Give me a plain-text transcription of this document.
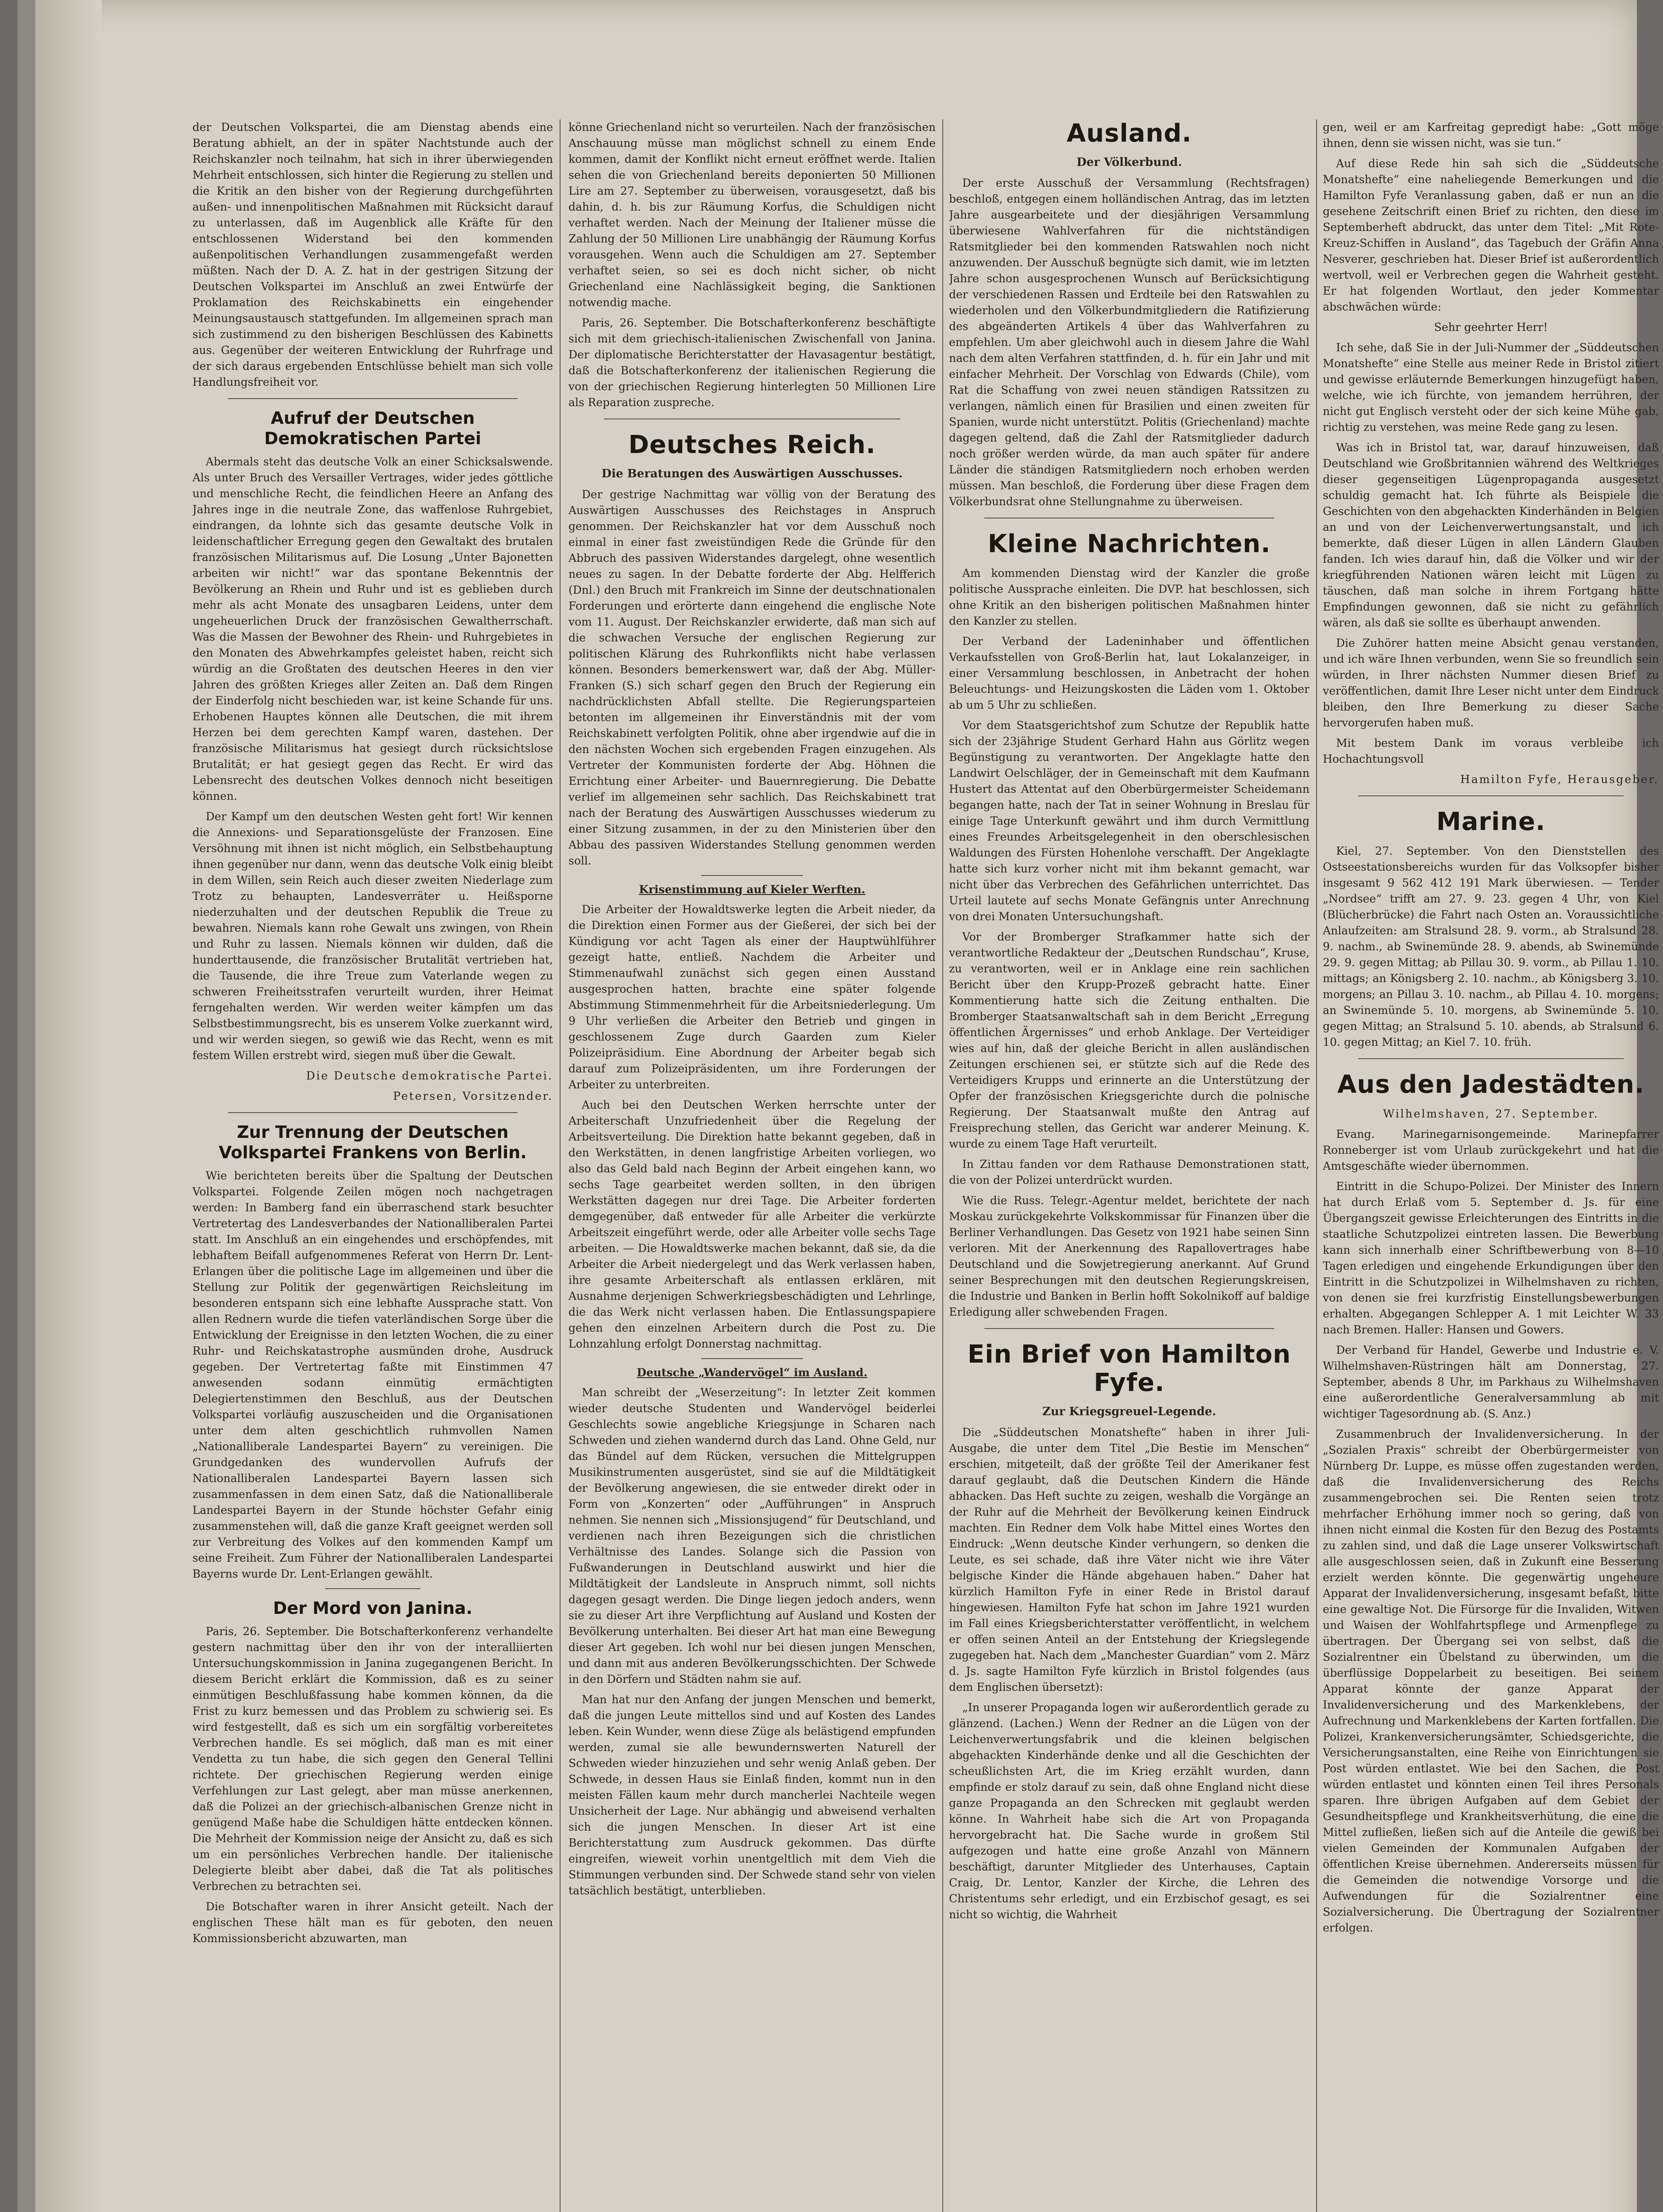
der Deutschen Volkspartei, die am Dienstag abends eine Beratung abhielt, an der in später Nachtstunde auch der Reichskanzler noch teilnahm, hat sich in ihrer überwiegenden Mehrheit entschlossen, sich hinter die Regierung zu stellen und die Kritik an den bisher von der Regierung durchgeführten außen- und innenpolitischen Maßnahmen mit Rücksicht darauf zu unterlassen, daß im Augenblick alle Kräfte für den entschlossenen Widerstand bei den kommenden außenpolitischen Verhandlungen zusammengefaßt werden müßten. Nach der D. A. Z. hat in der gestrigen Sitzung der Deutschen Volkspartei im Anschluß an zwei Entwürfe der Proklamation des Reichskabinetts ein eingehender Meinungsaustausch stattgefunden. Im allgemeinen sprach man sich zustimmend zu den bisherigen Beschlüssen des Kabinetts aus. Gegenüber der weiteren Entwicklung der Ruhrfrage und der sich daraus ergebenden Entschlüsse behielt man sich volle Handlungsfreiheit vor.

Aufruf der Deutschen Demokratischen Partei

Abermals steht das deutsche Volk an einer Schicksalswende. Als unter Bruch des Versailler Vertrages, wider jedes göttliche und menschliche Recht, die feindlichen Heere an Anfang des Jahres inge in die neutrale Zone, das waffenlose Ruhrgebiet, eindrangen, da lohnte sich das gesamte deutsche Volk in leidenschaftlicher Erregung gegen den Gewaltakt des brutalen französischen Militarismus auf. Die Losung „Unter Bajonetten arbeiten wir nicht!“ war das spontane Bekenntnis der Bevölkerung an Rhein und Ruhr und ist es geblieben durch mehr als acht Monate des unsagbaren Leidens, unter dem ungeheuerlichen Druck der französischen Gewaltherrschaft. Was die Massen der Bewohner des Rhein- und Ruhrgebietes in den Monaten des Abwehrkampfes geleistet haben, reicht sich würdig an die Großtaten des deutschen Heeres in den vier Jahren des größten Krieges aller Zeiten an. Daß dem Ringen der Einderfolg nicht beschieden war, ist keine Schande für uns. Erhobenen Hauptes können alle Deutschen, die mit ihrem Herzen bei dem gerechten Kampf waren, dastehen. Der französische Militarismus hat gesiegt durch rücksichtslose Brutalität; er hat gesiegt gegen das Recht. Er wird das Lebensrecht des deutschen Volkes dennoch nicht beseitigen können.

Der Kampf um den deutschen Westen geht fort! Wir kennen die Annexions- und Separationsgelüste der Franzosen. Eine Versöhnung mit ihnen ist nicht möglich, ein Selbstbehauptung ihnen gegenüber nur dann, wenn das deutsche Volk einig bleibt in dem Willen, sein Reich auch dieser zweiten Niederlage zum Trotz zu behaupten, Landesverräter u. Heißsporne niederzuhalten und der deutschen Republik die Treue zu bewahren. Niemals kann rohe Gewalt uns zwingen, von Rhein und Ruhr zu lassen. Niemals können wir dulden, daß die hunderttausende, die französischer Brutalität vertrieben hat, die Tausende, die ihre Treue zum Vaterlande wegen zu schweren Freiheitsstrafen verurteilt wurden, ihrer Heimat ferngehalten werden. Wir werden weiter kämpfen um das Selbstbestimmungsrecht, bis es unserem Volke zuerkannt wird, und wir werden siegen, so gewiß wie das Recht, wenn es mit festem Willen erstrebt wird, siegen muß über die Gewalt.

Die Deutsche demokratische Partei.

Petersen, Vorsitzender.

Zur Trennung der Deutschen Volkspartei Frankens von Berlin.

Wie berichteten bereits über die Spaltung der Deutschen Volkspartei. Folgende Zeilen mögen noch nachgetragen werden: In Bamberg fand ein überraschend stark besuchter Vertretertag des Landesverbandes der Nationalliberalen Partei statt. Im Anschluß an ein eingehendes und erschöpfendes, mit lebhaftem Beifall aufgenommenes Referat von Herrn Dr. Lent-Erlangen über die politische Lage im allgemeinen und über die Stellung zur Politik der gegenwärtigen Reichsleitung im besonderen entspann sich eine lebhafte Aussprache statt. Von allen Rednern wurde die tiefen vaterländischen Sorge über die Entwicklung der Ereignisse in den letzten Wochen, die zu einer Ruhr- und Reichskatastrophe ausmünden drohe, Ausdruck gegeben. Der Vertretertag faßte mit Einstimmen 47 anwesenden sodann einmütig ermächtigten Delegiertenstimmen den Beschluß, aus der Deutschen Volkspartei vorläufig auszuscheiden und die Organisationen unter dem alten geschichtlich ruhmvollen Namen „Nationalliberale Landespartei Bayern“ zu vereinigen. Die Grundgedanken des wundervollen Aufrufs der Nationalliberalen Landespartei Bayern lassen sich zusammenfassen in dem einen Satz, daß die Nationalliberale Landespartei Bayern in der Stunde höchster Gefahr einig zusammenstehen will, daß die ganze Kraft geeignet werden soll zur Verbreitung des Volkes auf den kommenden Kampf um seine Freiheit. Zum Führer der Nationalliberalen Landespartei Bayerns wurde Dr. Lent-Erlangen gewählt.

Der Mord von Janina.

Paris, 26. September. Die Botschafterkonferenz verhandelte gestern nachmittag über den ihr von der interalliierten Untersuchungskommission in Janina zugegangenen Bericht. In diesem Bericht erklärt die Kommission, daß es zu seiner einmütigen Beschlußfassung habe kommen können, da die Frist zu kurz bemessen und das Problem zu schwierig sei. Es wird festgestellt, daß es sich um ein sorgfältig vorbereitetes Verbrechen handle. Es sei möglich, daß man es mit einer Vendetta zu tun habe, die sich gegen den General Tellini richtete. Der griechischen Regierung werden einige Verfehlungen zur Last gelegt, aber man müsse anerkennen, daß die Polizei an der griechisch-albanischen Grenze nicht in genügend Maße habe die Schuldigen hätte entdecken können. Die Mehrheit der Kommission neige der Ansicht zu, daß es sich um ein persönliches Verbrechen handle. Der italienische Delegierte bleibt aber dabei, daß die Tat als politisches Verbrechen zu betrachten sei.

Die Botschafter waren in ihrer Ansicht geteilt. Nach der englischen These hält man es für geboten, den neuen Kommissionsbericht abzuwarten, man

könne Griechenland nicht so verurteilen. Nach der französischen Anschauung müsse man möglichst schnell zu einem Ende kommen, damit der Konflikt nicht erneut eröffnet werde. Italien sehen die von Griechenland bereits deponierten 50 Millionen Lire am 27. September zu überweisen, vorausgesetzt, daß bis dahin, d. h. bis zur Räumung Korfus, die Schuldigen nicht verhaftet werden. Nach der Meinung der Italiener müsse die Zahlung der 50 Millionen Lire unabhängig der Räumung Korfus vorausgehen. Wenn auch die Schuldigen am 27. September verhaftet seien, so sei es doch nicht sicher, ob nicht Griechenland eine Nachlässigkeit beging, die Sanktionen notwendig mache.

Paris, 26. September. Die Botschafterkonferenz beschäftigte sich mit dem griechisch-italienischen Zwischenfall von Janina. Der diplomatische Berichterstatter der Havasagentur bestätigt, daß die Botschafterkonferenz der italienischen Regierung die von der griechischen Regierung hinterlegten 50 Millionen Lire als Reparation zuspreche.

Deutsches Reich.
Die Beratungen des Auswärtigen Ausschusses.

Der gestrige Nachmittag war völlig von der Beratung des Auswärtigen Ausschusses des Reichstages in Anspruch genommen. Der Reichskanzler hat vor dem Ausschuß noch einmal in einer fast zweistündigen Rede die Gründe für den Abbruch des passiven Widerstandes dargelegt, ohne wesentlich neues zu sagen. In der Debatte forderte der Abg. Helfferich (Dnl.) den Bruch mit Frankreich im Sinne der deutschnationalen Forderungen und erörterte dann eingehend die englische Note vom 11. August. Der Reichskanzler erwiderte, daß man sich auf die schwachen Versuche der englischen Regierung zur politischen Klärung des Ruhrkonflikts nicht habe verlassen können. Besonders bemerkenswert war, daß der Abg. Müller-Franken (S.) sich scharf gegen den Bruch der Regierung ein nachdrücklichsten Abfall stellte. Die Regierungsparteien betonten im allgemeinen ihr Einverständnis mit der vom Reichskabinett verfolgten Politik, ohne aber irgendwie auf die in den nächsten Wochen sich ergebenden Fragen einzugehen. Als Vertreter der Kommunisten forderte der Abg. Höhnen die Errichtung einer Arbeiter- und Bauernregierung. Die Debatte verlief im allgemeinen sehr sachlich. Das Reichskabinett trat nach der Beratung des Auswärtigen Ausschusses wiederum zu einer Sitzung zusammen, in der zu den Ministerien über den Abbau des passiven Widerstandes Stellung genommen werden soll.

Krisenstimmung auf Kieler Werften.

Die Arbeiter der Howaldtswerke legten die Arbeit nieder, da die Direktion einen Former aus der Gießerei, der sich bei der Kündigung vor acht Tagen als einer der Hauptwühlführer gezeigt hatte, entließ. Nachdem die Arbeiter und Stimmenaufwahl zunächst sich gegen einen Ausstand ausgesprochen hatten, brachte eine später folgende Abstimmung Stimmenmehrheit für die Arbeitsniederlegung. Um 9 Uhr verließen die Arbeiter den Betrieb und gingen in geschlossenem Zuge durch Gaarden zum Kieler Polizeipräsidium. Eine Abordnung der Arbeiter begab sich darauf zum Polizeipräsidenten, um ihre Forderungen der Arbeiter zu unterbreiten.

Auch bei den Deutschen Werken herrschte unter der Arbeiterschaft Unzufriedenheit über die Regelung der Arbeitsverteilung. Die Direktion hatte bekannt gegeben, daß in den Werkstätten, in denen langfristige Arbeiten vorliegen, wo also das Geld bald nach Beginn der Arbeit eingehen kann, wo sechs Tage gearbeitet werden sollten, in den übrigen Werkstätten dagegen nur drei Tage. Die Arbeiter forderten demgegenüber, daß entweder für alle Arbeiter die verkürzte Arbeitszeit eingeführt werde, oder alle Arbeiter volle sechs Tage arbeiten. — Die Howaldtswerke machen bekannt, daß sie, da die Arbeiter die Arbeit niedergelegt und das Werk verlassen haben, ihre gesamte Arbeiterschaft als entlassen erklären, mit Ausnahme derjenigen Schwerkriegsbeschädigten und Lehrlinge, die das Werk nicht verlassen haben. Die Entlassungspapiere gehen den einzelnen Arbeitern durch die Post zu. Die Lohnzahlung erfolgt Donnerstag nachmittag.

Deutsche „Wandervögel“ im Ausland.

Man schreibt der „Weserzeitung“: In letzter Zeit kommen wieder deutsche Studenten und Wandervögel beiderlei Geschlechts sowie angebliche Kriegsjunge in Scharen nach Schweden und ziehen wandernd durch das Land. Ohne Geld, nur das Bündel auf dem Rücken, versuchen die Mittelgruppen Musikinstrumenten ausgerüstet, sind sie auf die Mildtätigkeit der Bevölkerung angewiesen, die sie entweder direkt oder in Form von „Konzerten“ oder „Aufführungen“ in Anspruch nehmen. Sie nennen sich „Missionsjugend“ für Deutschland, und verdienen nach ihren Bezeigungen sich die christlichen Verhältnisse des Landes. Solange sich die Passion von Fußwanderungen in Deutschland auswirkt und hier die Mildtätigkeit der Landsleute in Anspruch nimmt, soll nichts dagegen gesagt werden. Die Dinge liegen jedoch anders, wenn sie zu dieser Art ihre Verpflichtung auf Ausland und Kosten der Bevölkerung unterhalten. Bei dieser Art hat man eine Bewegung dieser Art gegeben. Ich wohl nur bei diesen jungen Menschen, und dann mit aus anderen Bevölkerungsschichten. Der Schwede in den Dörfern und Städten nahm sie auf.

Man hat nur den Anfang der jungen Menschen und bemerkt, daß die jungen Leute mittellos sind und auf Kosten des Landes leben. Kein Wunder, wenn diese Züge als belästigend empfunden werden, zumal sie alle bewundernswerten Naturell der Schweden wieder hinzuziehen und sehr wenig Anlaß geben. Der Schwede, in dessen Haus sie Einlaß finden, kommt nun in den meisten Fällen kaum mehr durch mancherlei Nachteile wegen Unsicherheit der Lage. Nur abhängig und abweisend verhalten sich die jungen Menschen. In dieser Art ist eine Berichterstattung zum Ausdruck gekommen. Das dürfte eingreifen, wieweit vorhin unentgeltlich mit dem Vieh die Stimmungen verbunden sind. Der Schwede stand sehr von vielen tatsächlich bestätigt, unterblieben.

Ausland.
Der Völkerbund.

Der erste Ausschuß der Versammlung (Rechtsfragen) beschloß, entgegen einem holländischen Antrag, das im letzten Jahre ausgearbeitete und der diesjährigen Versammlung überwiesene Wahlverfahren für die nichtständigen Ratsmitglieder bei den kommenden Ratswahlen noch nicht anzuwenden. Der Ausschuß begnügte sich damit, wie im letzten Jahre schon ausgesprochenen Wunsch auf Berücksichtigung der verschiedenen Rassen und Erdteile bei den Ratswahlen zu wiederholen und den Völkerbundmitgliedern die Ratifizierung des abgeänderten Artikels 4 über das Wahlverfahren zu empfehlen. Um aber gleichwohl auch in diesem Jahre die Wahl nach dem alten Verfahren stattfinden, d. h. für ein Jahr und mit einfacher Mehrheit. Der Vorschlag von Edwards (Chile), vom Rat die Schaffung von zwei neuen ständigen Ratssitzen zu verlangen, nämlich einen für Brasilien und einen zweiten für Spanien, wurde nicht unterstützt. Politis (Griechenland) machte dagegen geltend, daß die Zahl der Ratsmitglieder dadurch noch größer werden würde, da man auch später für andere Länder die ständigen Ratsmitgliedern noch erhoben werden müssen. Man beschloß, die Forderung über diese Fragen dem Völkerbundsrat ohne Stellungnahme zu überweisen.

Kleine Nachrichten.

Am kommenden Dienstag wird der Kanzler die große politische Aussprache einleiten. Die DVP. hat beschlossen, sich ohne Kritik an den bisherigen politischen Maßnahmen hinter den Kanzler zu stellen.

Der Verband der Ladeninhaber und öffentlichen Verkaufsstellen von Groß-Berlin hat, laut Lokalanzeiger, in einer Versammlung beschlossen, in Anbetracht der hohen Beleuchtungs- und Heizungskosten die Läden vom 1. Oktober ab um 5 Uhr zu schließen.

Vor dem Staatsgerichtshof zum Schutze der Republik hatte sich der 23jährige Student Gerhard Hahn aus Görlitz wegen Begünstigung zu verantworten. Der Angeklagte hatte den Landwirt Oelschläger, der in Gemeinschaft mit dem Kaufmann Hustert das Attentat auf den Oberbürgermeister Scheidemann begangen hatte, nach der Tat in seiner Wohnung in Breslau für einige Tage Unterkunft gewährt und ihm durch Vermittlung eines Freundes Arbeitsgelegenheit in den oberschlesischen Waldungen des Fürsten Hohenlohe verschafft. Der Angeklagte hatte sich kurz vorher nicht mit ihm bekannt gemacht, war nicht über das Verbrechen des Gefährlichen unterrichtet. Das Urteil lautete auf sechs Monate Gefängnis unter Anrechnung von drei Monaten Untersuchungshaft.

Vor der Bromberger Strafkammer hatte sich der verantwortliche Redakteur der „Deutschen Rundschau“, Kruse, zu verantworten, weil er in Anklage eine rein sachlichen Bericht über den Krupp-Prozeß gebracht hatte. Einer Kommentierung hatte sich die Zeitung enthalten. Die Bromberger Staatsanwaltschaft sah in dem Bericht „Erregung öffentlichen Ärgernisses“ und erhob Anklage. Der Verteidiger wies auf hin, daß der gleiche Bericht in allen ausländischen Zeitungen erschienen sei, er stützte sich auf die Rede des Verteidigers Krupps und erinnerte an die Unterstützung der Opfer der französischen Kriegsgerichte durch die polnische Regierung. Der Staatsanwalt mußte den Antrag auf Freisprechung stellen, das Gericht war anderer Meinung. K. wurde zu einem Tage Haft verurteilt.

In Zittau fanden vor dem Rathause Demonstrationen statt, die von der Polizei unterdrückt wurden.

Wie die Russ. Telegr.-Agentur meldet, berichtete der nach Moskau zurückgekehrte Volkskommissar für Finanzen über die Berliner Verhandlungen. Das Gesetz von 1921 habe seinen Sinn verloren. Mit der Anerkennung des Rapallovertrages habe Deutschland und die Sowjetregierung anerkannt. Auf Grund seiner Besprechungen mit den deutschen Regierungskreisen, die Industrie und Banken in Berlin hofft Sokolnikoff auf baldige Erledigung aller schwebenden Fragen.

Ein Brief von Hamilton Fyfe.
Zur Kriegsgreuel-Legende.

Die „Süddeutschen Monatshefte“ haben in ihrer Juli-Ausgabe, die unter dem Titel „Die Bestie im Menschen“ erschien, mitgeteilt, daß der größte Teil der Amerikaner fest darauf geglaubt, daß die Deutschen Kindern die Hände abhacken. Das Heft suchte zu zeigen, weshalb die Vorgänge an der Ruhr auf die Mehrheit der Bevölkerung keinen Eindruck machten. Ein Redner dem Volk habe Mittel eines Wortes den Eindruck: „Wenn deutsche Kinder verhungern, so denken die Leute, es sei schade, daß ihre Väter nicht wie ihre Väter belgische Kinder die Hände abgehauen haben.“ Daher hat kürzlich Hamilton Fyfe in einer Rede in Bristol darauf hingewiesen. Hamilton Fyfe hat schon im Jahre 1921 wurden im Fall eines Kriegsberichterstatter veröffentlicht, in welchem er offen seinen Anteil an der Entstehung der Kriegslegende zugegeben hat. Nach dem „Manchester Guardian“ vom 2. März d. Js. sagte Hamilton Fyfe kürzlich in Bristol folgendes (aus dem Englischen übersetzt):

„In unserer Propaganda logen wir außerordentlich gerade zu glänzend. (Lachen.) Wenn der Redner an die Lügen von der Leichenverwertungsfabrik und die kleinen belgischen abgehackten Kinderhände denke und all die Geschichten der scheußlichsten Art, die im Krieg erzählt wurden, dann empfinde er stolz darauf zu sein, daß ohne England nicht diese ganze Propaganda an den Schrecken mit geglaubt werden könne. In Wahrheit habe sich die Art von Propaganda hervorgebracht hat. Die Sache wurde in großem Stil aufgezogen und hatte eine große Anzahl von Männern beschäftigt, darunter Mitglieder des Unterhauses, Captain Craig, Dr. Lentor, Kanzler der Kirche, die Lehren des Christentums sehr erledigt, und ein Erzbischof gesagt, es sei nicht so wichtig, die Wahrheit

gen, weil er am Karfreitag gepredigt habe: „Gott möge ihnen, denn sie wissen nicht, was sie tun.“

Auf diese Rede hin sah sich die „Süddeutsche Monatshefte“ eine naheliegende Bemerkungen und die Hamilton Fyfe Veranlassung gaben, daß er nun an die gesehene Zeitschrift einen Brief zu richten, den diese im Septemberheft abdruckt, das unter dem Titel: „Mit Rote-Kreuz-Schiffen in Ausland“, das Tagebuch der Gräfin Anna Nesverer, geschrieben hat. Dieser Brief ist außerordentlich wertvoll, weil er Verbrechen gegen die Wahrheit gesteht. Er hat folgenden Wortlaut, den jeder Kommentar abschwächen würde:

Sehr geehrter Herr!

Ich sehe, daß Sie in der Juli-Nummer der „Süddeutschen Monatshefte“ eine Stelle aus meiner Rede in Bristol zitiert und gewisse erläuternde Bemerkungen hinzugefügt haben, welche, wie ich fürchte, von jemandem herrühren, der nicht gut Englisch versteht oder der sich keine Mühe gab, richtig zu verstehen, was meine Rede gang zu lesen.

Was ich in Bristol tat, war, darauf hinzuweisen, daß Deutschland wie Großbritannien während des Weltkrieges dieser gegenseitigen Lügenpropaganda ausgesetzt schuldig gemacht hat. Ich führte als Beispiele die Geschichten von den abgehackten Kinderhänden in Belgien an und von der Leichenverwertungsanstalt, und ich bemerkte, daß dieser Lügen in allen Ländern Glauben fanden. Ich wies darauf hin, daß die Völker und wir der kriegführenden Nationen wären leicht mit Lügen zu täuschen, daß man solche in ihrem Fortgang hätte Empfindungen gewonnen, daß sie nicht zu gefährlich wären, als daß sie sollte es überhaupt anwenden.

Die Zuhörer hatten meine Absicht genau verstanden, und ich wäre Ihnen verbunden, wenn Sie so freundlich sein würden, in Ihrer nächsten Nummer diesen Brief zu veröffentlichen, damit Ihre Leser nicht unter dem Eindruck bleiben, den Ihre Bemerkung zu dieser Sache hervorgerufen haben muß.

Mit bestem Dank im voraus verbleibe ich Hochachtungsvoll

Hamilton Fyfe, Herausgeber.

Marine.

Kiel, 27. September. Von den Dienststellen des Ostseestationsbereichs wurden für das Volksopfer bisher insgesamt 9 562 412 191 Mark überwiesen. — Tender „Nordsee“ trifft am 27. 9. 23. gegen 4 Uhr, von Kiel (Blücherbrücke) die Fahrt nach Osten an. Voraussichtliche Anlaufzeiten: am Stralsund 28. 9. vorm., ab Stralsund 28. 9. nachm., ab Swinemünde 28. 9. abends, ab Swinemünde 29. 9. gegen Mittag; ab Pillau 30. 9. vorm., ab Pillau 1. 10. mittags; an Königsberg 2. 10. nachm., ab Königsberg 3. 10. morgens; an Pillau 3. 10. nachm., ab Pillau 4. 10. morgens; an Swinemünde 5. 10. morgens, ab Swinemünde 5. 10. gegen Mittag; an Stralsund 5. 10. abends, ab Stralsund 6. 10. gegen Mittag; an Kiel 7. 10. früh.

Aus den Jadestädten.

Wilhelmshaven, 27. September.

Evang. Marinegarnisongemeinde. Marinepfarrer Ronneberger ist vom Urlaub zurückgekehrt und hat die Amtsgeschäfte wieder übernommen.

Eintritt in die Schupo-Polizei. Der Minister des Innern hat durch Erlaß vom 5. September d. Js. für eine Übergangszeit gewisse Erleichterungen des Eintritts in die staatliche Schutzpolizei eintreten lassen. Die Bewerbung kann sich innerhalb einer Schriftbewerbung von 8—10 Tagen erledigen und eingehende Erkundigungen über den Eintritt in die Schutzpolizei in Wilhelmshaven zu richten, von denen sie frei kurzfristig Einstellungsbewerbungen erhalten. Abgegangen Schlepper A. 1 mit Leichter W. 33 nach Bremen. Haller: Hansen und Gowers.

Der Verband für Handel, Gewerbe und Industrie e. V. Wilhelmshaven-Rüstringen hält am Donnerstag, 27. September, abends 8 Uhr, im Parkhaus zu Wilhelmshaven eine außerordentliche Generalversammlung ab mit wichtiger Tagesordnung ab. (S. Anz.)

Zusammenbruch der Invalidenversicherung. In der „Sozialen Praxis“ schreibt der Oberbürgermeister von Nürnberg Dr. Luppe, es müsse offen zugestanden werden, daß die Invalidenversicherung des Reichs zusammengebrochen sei. Die Renten seien trotz mehrfacher Erhöhung immer noch so gering, daß von ihnen nicht einmal die Kosten für den Bezug des Postamts zu zahlen sind, und daß die Lage unserer Volkswirtschaft alle ausgeschlossen seien, daß in Zukunft eine Besserung erzielt werden könnte. Die gegenwärtig ungeheure Apparat der Invalidenversicherung, insgesamt befaßt, bitte eine gewaltige Not. Die Fürsorge für die Invaliden, Witwen und Waisen der Wohlfahrtspflege und Armenpflege zu übertragen. Der Übergang sei von selbst, daß die Sozialrentner ein Übelstand zu überwinden, um die überflüssige Doppelarbeit zu beseitigen. Bei seinem Apparat könnte der ganze Apparat der Invalidenversicherung und des Markenklebens, der Aufrechnung und Markenklebens der Karten fortfallen. Die Polizei, Krankenversicherungsämter, Schiedsgerichte, die Versicherungsanstalten, eine Reihe von Einrichtungen sie Post würden entlastet. Wie bei den Sachen, die Post würden entlastet und könnten einen Teil ihres Personals sparen. Ihre übrigen Aufgaben auf dem Gebiet der Gesundheitspflege und Krankheitsverhütung, die eine die Mittel zufließen, ließen sich auf die Anteile die gewiß bei vielen Gemeinden der Kommunalen Aufgaben der öffentlichen Kreise übernehmen. Andererseits müssen für die Gemeinden die notwendige Vorsorge und die Aufwendungen für die Sozialrentner eine Sozialversicherung. Die Übertragung der Sozialrentner erfolgen.
